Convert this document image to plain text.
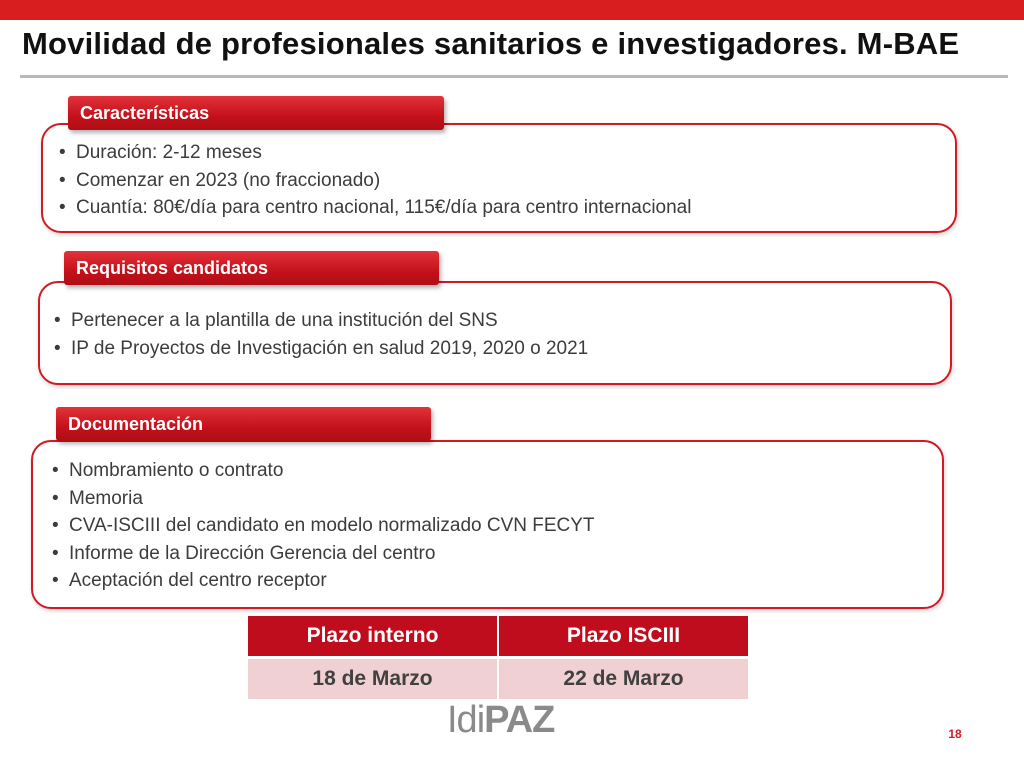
Movilidad de profesionales sanitarios e investigadores. M-BAE
• Duración: 2-12 meses
• Comenzar en 2023 (no fraccionado)
• Cuantía: 80€/día para centro nacional, 115€/día para centro internacional
Características
• Pertenecer a la plantilla de una institución del SNS
• IP de Proyectos de Investigación en salud 2019, 2020 o 2021
Requisitos candidatos
• Nombramiento o contrato
• Memoria
• CVA-ISCIII del candidato en modelo normalizado CVN FECYT
• Informe de la Dirección Gerencia del centro
• Aceptación del centro receptor
Documentación
Plazo interno	Plazo ISCIII
18 de Marzo	22 de Marzo
IdiPAZ	18
